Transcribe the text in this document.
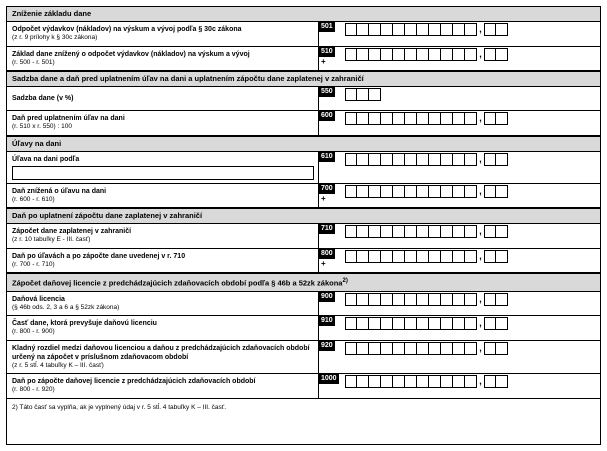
Zníženie základu dane
Odpočet výdavkov (nákladov) na výskum a vývoj podľa § 30c zákona
(z r. 9 prílohy k § 30c zákona)
501	,
Základ dane znížený o odpočet výdavkov (nákladov) na výskum a vývoj
(r. 500 - r. 501)
510
+
,
Sadzba dane a daň pred uplatnením úľav na dani a uplatnením zápočtu dane zaplatenej v zahraničí
Sadzba dane (v %)
550
Daň pred uplatnením úľav na dani
(r. 510 x r. 550) : 100
600	,
Úľavy na dani
Úľava na dani podľa	610	,
Daň znížená o úľavu na dani
(r. 600 - r. 610)
700
+
,
Daň po uplatnení zápočtu dane zaplatenej v zahraničí
Zápočet dane zaplatenej v zahraničí
(z r. 10 tabuľky E - III. časť)
710	,
Daň po úľavách a po zápočte dane uvedenej v r. 710
(r. 700 - r. 710)
800
+
,
Zápočet daňovej licencie z predchádzajúcich zdaňovacích období podľa § 46b a 52zk zákona$^{2)}$
Daňová licencia
(§ 46b ods. 2, 3 a 6 a § 52zk zákona)
900	,
Časť dane, ktorá prevyšuje daňovú licenciu
(r. 800 - r. 900)
910	,
Kladný rozdiel medzi daňovou licenciou a daňou z predchádzajúcich zdaňovacích období určený na zápočet v príslušnom zdaňovacom období
(z r. 5 stĺ. 4 tabuľky K – III. časť)
920	,
Daň po zápočte daňovej licencie z predchádzajúcich zdaňovacích období
(r. 800 - r. 920)
1000	,
2) Táto časť sa vyplňa, ak je vyplnený údaj v r. 5 stĺ. 4 tabuľky K – III. časť.
